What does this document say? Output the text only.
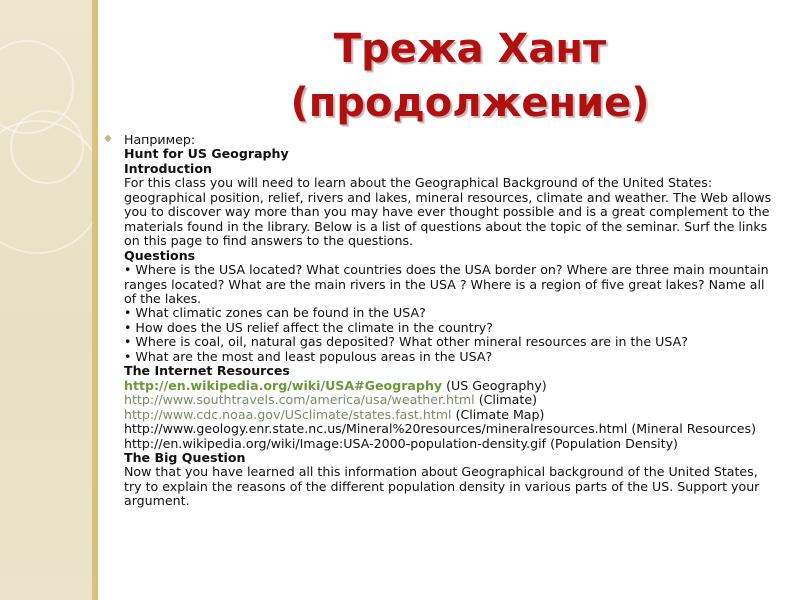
Трежа Хант
(продолжение)
◆ Например:
Hunt for US Geography
Introduction
For this class you will need to learn about the Geographical Background of the United States: geographical position, relief, rivers and lakes, mineral resources, climate and weather. The Web allows you to discover way more than you may have ever thought possible and is a great complement to the materials found in the library. Below is a list of questions about the topic of the seminar. Surf the links on this page to find answers to the questions.
Questions
• Where is the USA located? What countries does the USA border on? Where are three main mountain ranges located? What are the main rivers in the USA ? Where is a region of five great lakes? Name all of the lakes.
• What climatic zones can be found in the USA?
• How does the US relief affect the climate in the country?
• Where is coal, oil, natural gas deposited? What other mineral resources are in the USA?
• What are the most and least populous areas in the USA?
The Internet Resources
http://en.wikipedia.org/wiki/USA#Geography (US Geography)
http://www.southtravels.com/america/usa/weather.html (Climate)
http://www.cdc.noaa.gov/USclimate/states.fast.html (Climate Map)
http://www.geology.enr.state.nc.us/Mineral%20resources/mineralresources.html (Mineral Resources)
http://en.wikipedia.org/wiki/Image:USA-2000-population-density.gif (Population Density)
The Big Question
Now that you have learned all this information about Geographical background of the United States, try to explain the reasons of the different population density in various parts of the US. Support your argument.
